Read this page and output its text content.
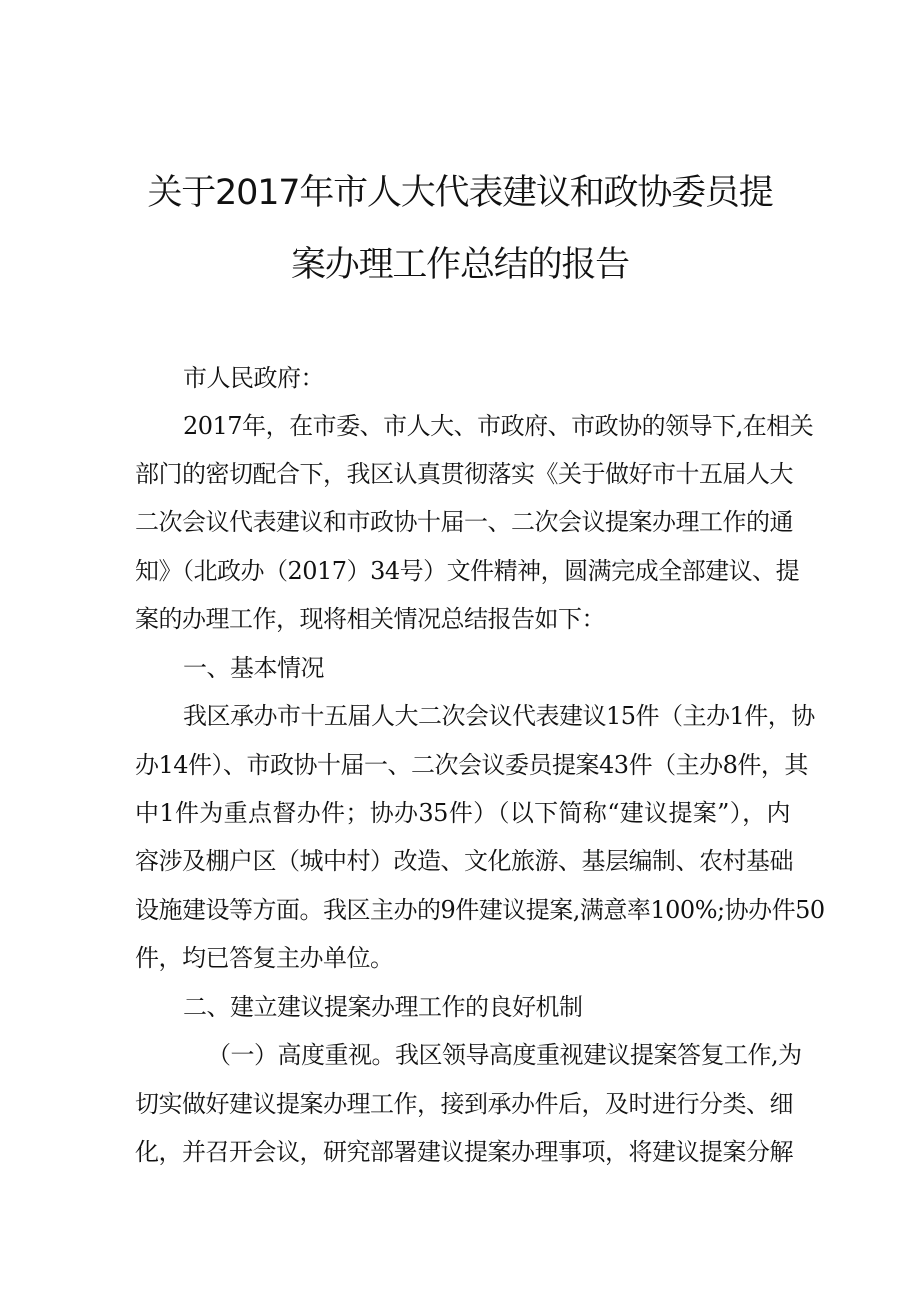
关于2017年市人大代表建议和政协委员提
案办理工作总结的报告
市人民政府：
2017年，在市委、市人大、市政府、市政协的领导下,在相关
部门的密切配合下，我区认真贯彻落实《关于做好市十五届人大
二次会议代表建议和市政协十届一、二次会议提案办理工作的通
知》（北政办（2017）34号）文件精神，圆满完成全部建议、提
案的办理工作，现将相关情况总结报告如下：
一、基本情况
我区承办市十五届人大二次会议代表建议15件（主办1件，协
办14件）、市政协十届一、二次会议委员提案43件（主办8件，其
中1件为重点督办件；协办35件）（以下简称“建议提案”），内
容涉及棚户区（城中村）改造、文化旅游、基层编制、农村基础
设施建设等方面。我区主办的9件建议提案,满意率100%;协办件50
件，均已答复主办单位。
二、建立建议提案办理工作的良好机制
（一）高度重视。我区领导高度重视建议提案答复工作,为
切实做好建议提案办理工作，接到承办件后，及时进行分类、细
化，并召开会议，研究部署建议提案办理事项，将建议提案分解
